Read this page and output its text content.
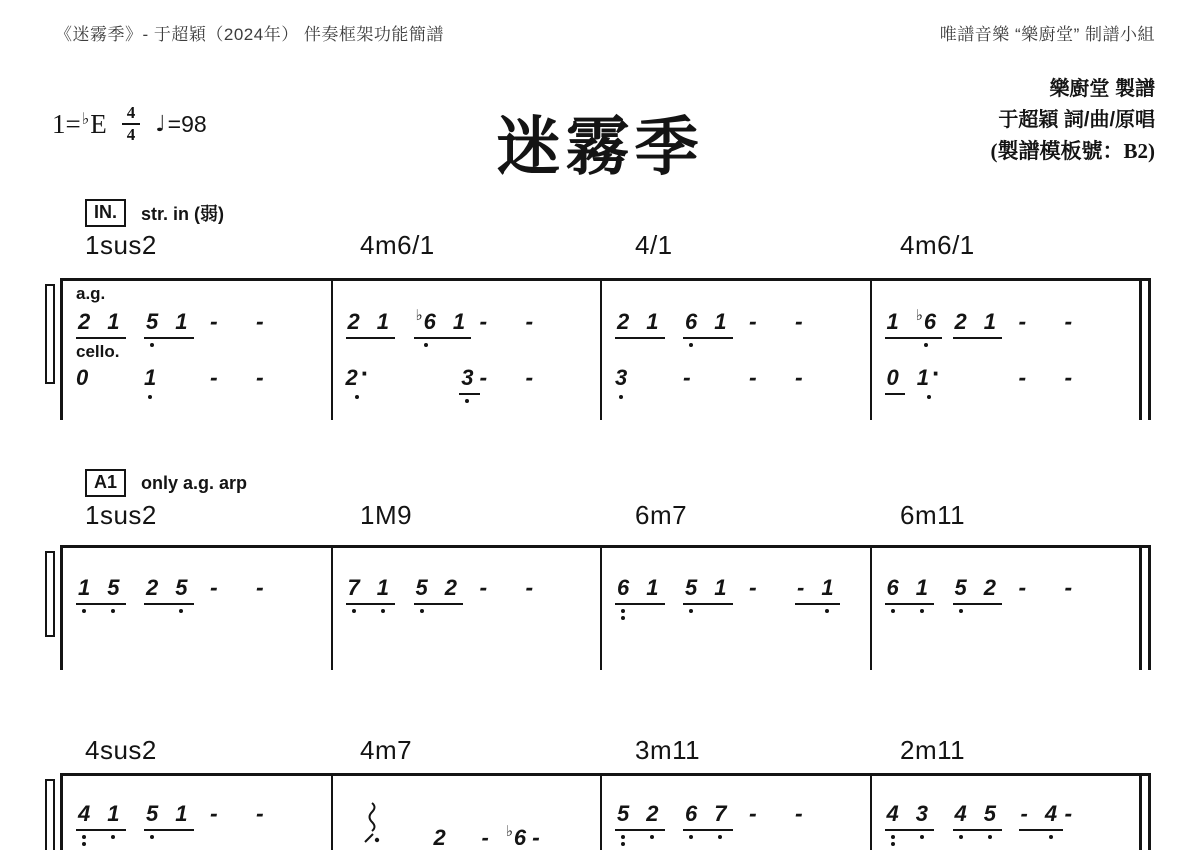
《迷霧季》- 于超穎（2024年） 伴奏框架功能簡譜	唯譜音樂 “樂廚堂” 制譜小組
樂廚堂 製譜
于超穎 詞/曲/原唱
(製譜模板號：B2)
1= ♭ E $\frac{4}{4}$ ♩ =98	迷霧季
IN.	str. in (弱)
1sus2	4m6/1	4/1	4m6/1
a.g.
2 1 5 1 - -
cello.
0	1 - -
2 1 ♭ 6 1 - -
2 ·	3 - -
2 1 6 1 - -
3 -	- -
1 ♭ 6 2 1 - -
0 1 ·	- -
A1	only a.g. arp
1sus2	1M9	6m7	6m11
1 5 2 5 - -	7 1 5 2 - -	6 1 5 1 - - 1 6 1 5 2 - -
4sus2	4m7	3m11	2m11
4 1 5 1 - -
2 - ♭ 6 -
5 2 6 7 - -	4 3 4 5 - 4 -
